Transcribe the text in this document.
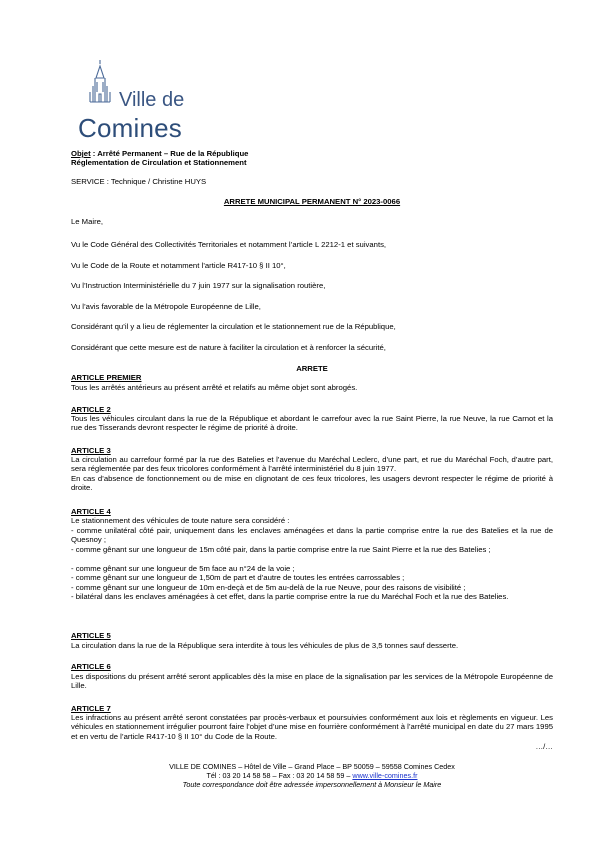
Ville de
Comines
Objet : Arrêté Permanent – Rue de la République
Réglementation de Circulation et Stationnement
SERVICE : Technique / Christine HUYS
ARRETE MUNICIPAL PERMANENT N° 2023-0066
Le Maire,
Vu le Code Général des Collectivités Territoriales et notamment l’article L 2212-1 et suivants,
Vu le Code de la Route et notamment l’article R417-10 § II 10°,
Vu l’Instruction Interministérielle du 7 juin 1977 sur la signalisation routière,
Vu l’avis favorable de la Métropole Européenne de Lille,
Considérant qu’il y a lieu de réglementer la circulation et le stationnement rue de la République,
Considérant que cette mesure est de nature à faciliter la circulation et à renforcer la sécurité,
ARRETE
ARTICLE PREMIER
Tous les arrêtés antérieurs au présent arrêté et relatifs au même objet sont abrogés.
ARTICLE 2
Tous les véhicules circulant dans la rue de la République et abordant le carrefour avec la rue Saint Pierre, la rue Neuve, la rue Carnot et la rue des Tisserands devront respecter le régime de priorité à droite.
ARTICLE 3
La circulation au carrefour formé par la rue des Batelies et l’avenue du Maréchal Leclerc, d’une part, et rue du Maréchal Foch, d’autre part, sera réglementée par des feux tricolores conformément à l’arrêté interministériel du 8 juin 1977.
En cas d’absence de fonctionnement ou de mise en clignotant de ces feux tricolores, les usagers devront respecter le régime de priorité à droite.
ARTICLE 4
Le stationnement des véhicules de toute nature sera considéré :
- comme unilatéral côté pair, uniquement dans les enclaves aménagées et dans la partie comprise entre la rue des Batelies et la rue de Quesnoy ;
- comme gênant sur une longueur de 15m côté pair, dans la partie comprise entre la rue Saint Pierre et la rue des Batelies ;
- comme gênant sur une longueur de 5m face au n°24 de la voie ;
- comme gênant sur une longueur de 1,50m de part et d’autre de toutes les entrées carrossables ;
- comme gênant sur une longueur de 10m en-deçà et de 5m au-delà de la rue Neuve, pour des raisons de visibilité ;
- bilatéral dans les enclaves aménagées à cet effet, dans la partie comprise entre la rue du Maréchal Foch et la rue des Batelies.
ARTICLE 5
La circulation dans la rue de la République sera interdite à tous les véhicules de plus de 3,5 tonnes sauf desserte.
ARTICLE 6
Les dispositions du présent arrêté seront applicables dès la mise en place de la signalisation par les services de la Métropole Européenne de Lille.
ARTICLE 7
Les infractions au présent arrêté seront constatées par procès-verbaux et poursuivies conformément aux lois et règlements en vigueur. Les véhicules en stationnement irrégulier pourront faire l’objet d’une mise en fourrière conformément à l’arrêté municipal en date du 27 mars 1995 et en vertu de l’article R417-10 § II 10° du Code de la Route.
…/…
VILLE DE COMINES – Hôtel de Ville – Grand Place – BP 50059 – 59558 Comines Cedex
Tél : 03 20 14 58 58 – Fax : 03 20 14 58 59 – www.ville-comines.fr
Toute correspondance doit être adressée impersonnellement à Monsieur le Maire
